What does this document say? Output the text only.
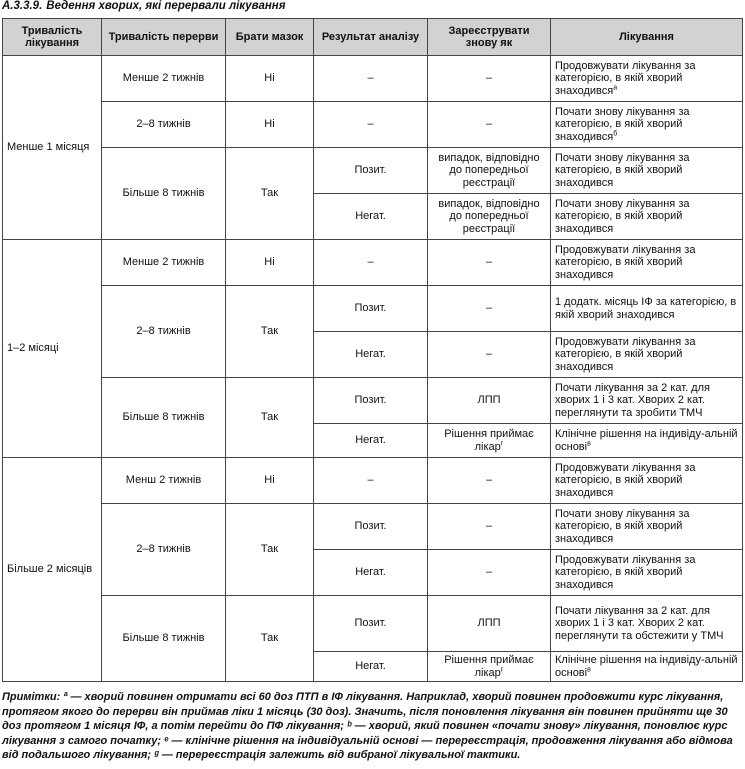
А.3.3.9. Ведення хворих, які перервали лікування
Тривалість лікування	Тривалість перерви	Брати мазок	Результат аналізу	Зареєструвати знову як	Лікування
Менше 1 місяця	Менше 2 тижнів	Ні	–	–	Продовжувати лікування за категорією, в якій хворий знаходився$^а$
	2–8 тижнів	Ні	–	–	Почати знову лікування за категорією, в якій хворий знаходився$^б$
	Більше 8 тижнів	Так	Позит.	випадок, відповідно до попередньої реєстрації	Почати знову лікування за категорією, в якій хворий знаходився
			Негат.	випадок, відповідно до попередньої реєстрації	Почати знову лікування за категорією, в якій хворий знаходився
1–2 місяці	Менше 2 тижнів	Ні	–	–	Продовжувати лікування за категорією, в якій хворий знаходився
	2–8 тижнів	Так	Позит.	–	1 додатк. місяць ІФ за категорією, в якій хворий знаходився
			Негат.	–	Продовжувати лікування за категорією, в якій хворий знаходився
	Більше 8 тижнів	Так	Позит.	ЛПП	Почати лікування за 2 кат. для хворих 1 і 3 кат. Хворих 2 кат. переглянути та зробити ТМЧ
			Негат.	Рішення приймає лікар$^г$	Клінічне рішення на індивіду-альній основі$^в$
Більше 2 місяців	Менш 2 тижнів	Ні	–	–	Продовжувати лікування за категорією, в якій хворий знаходився
	2–8 тижнів	Так	Позит.	–	Почати знову лікування за категорією, в якій хворий знаходився
			Негат.	–	Продовжувати лікування за категорією, в якій хворий знаходився
	Більше 8 тижнів	Так	Позит.	ЛПП	Почати лікування за 2 кат. для хворих 1 і 3 кат. Хворих 2 кат. переглянути та обстежити у ТМЧ
			Негат.	Рішення приймає лікар$^г$	Клінічне рішення на індивіду-альній основі$^в$
Примітки: ª — хворий повинен отримати всі 60 доз ПТП в ІФ лікування. Наприклад, хворий повинен продовжити курс лікування, протягом якого до перерви він приймав ліки 1 місяць (30 доз). Значить, після поновлення лікування він повинен прийняти ще 30 доз протягом 1 місяця ІФ, а потім перейти до ПФ лікування; ᵇ — хворий, який повинен «почати знову» лікування, поновлює курс лікування з самого початку; ᵉ — клінічне рішення на індивідуальній основі — перереєстрація, продовження лікування або відмова від подальшого лікування; ᵍ — перереєстрація залежить від вибраної лікувальної тактики.
